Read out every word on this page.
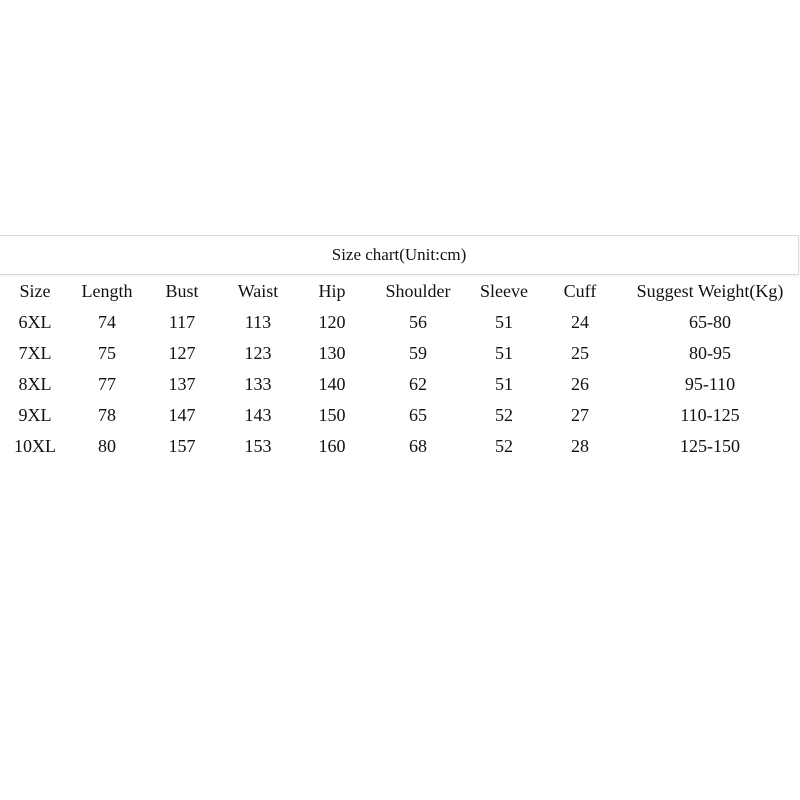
Size chart(Unit:cm)
Size	Length	Bust	Waist	Hip	Shoulder	Sleeve	Cuff	Suggest Weight(Kg)
6XL	74	117	113	120	56	51	24	65-80
7XL	75	127	123	130	59	51	25	80-95
8XL	77	137	133	140	62	51	26	95-110
9XL	78	147	143	150	65	52	27	110-125
10XL	80	157	153	160	68	52	28	125-150
